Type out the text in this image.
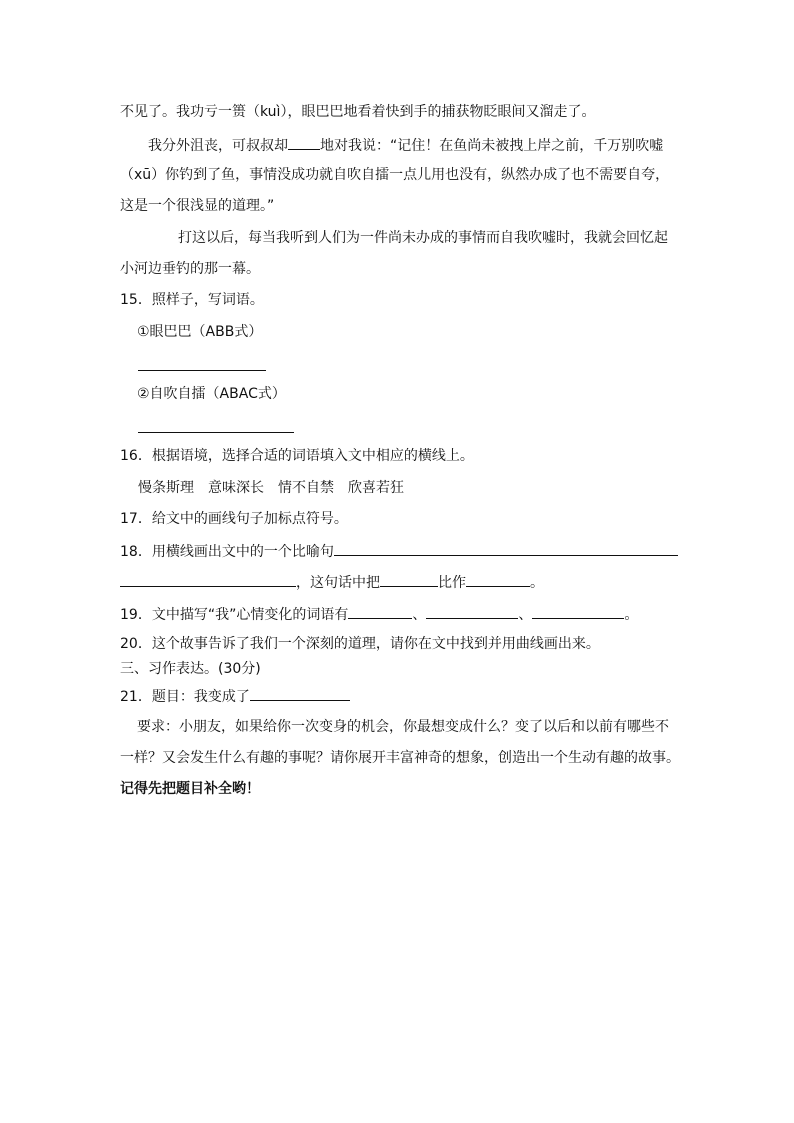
不见了。我功亏一篑（kuì），眼巴巴地看着快到手的捕获物眨眼间又溜走了。
我分外沮丧，可叔叔却 地对我说：“记住！在鱼尚未被拽上岸之前，千万别吹嘘
（xū）你钓到了鱼，事情没成功就自吹自擂一点儿用也没有，纵然办成了也不需要自夸，
这是一个很浅显的道理。”
打这以后，每当我听到人们为一件尚未办成的事情而自我吹嘘时，我就会回忆起
小河边垂钓的那一幕。
15．照样子，写词语。
①眼巴巴（ABB式）
②自吹自擂（ABAC式）
16．根据语境，选择合适的词语填入文中相应的横线上。
慢条斯理 意味深长 情不自禁 欣喜若狂
17．给文中的画线句子加标点符号。
18．用横线画出文中的一个比喻句
，这句话中把	比作	。
19．文中描写“我”心情变化的词语有	、	、	。
20．这个故事告诉了我们一个深刻的道理，请你在文中找到并用曲线画出来。
三、习作表达。(30分)
21．题目：我变成了
要求：小朋友，如果给你一次变身的机会，你最想变成什么？变了以后和以前有哪些不
一样？又会发生什么有趣的事呢？请你展开丰富神奇的想象，创造出一个生动有趣的故事。
记得先把题目补全哟！
